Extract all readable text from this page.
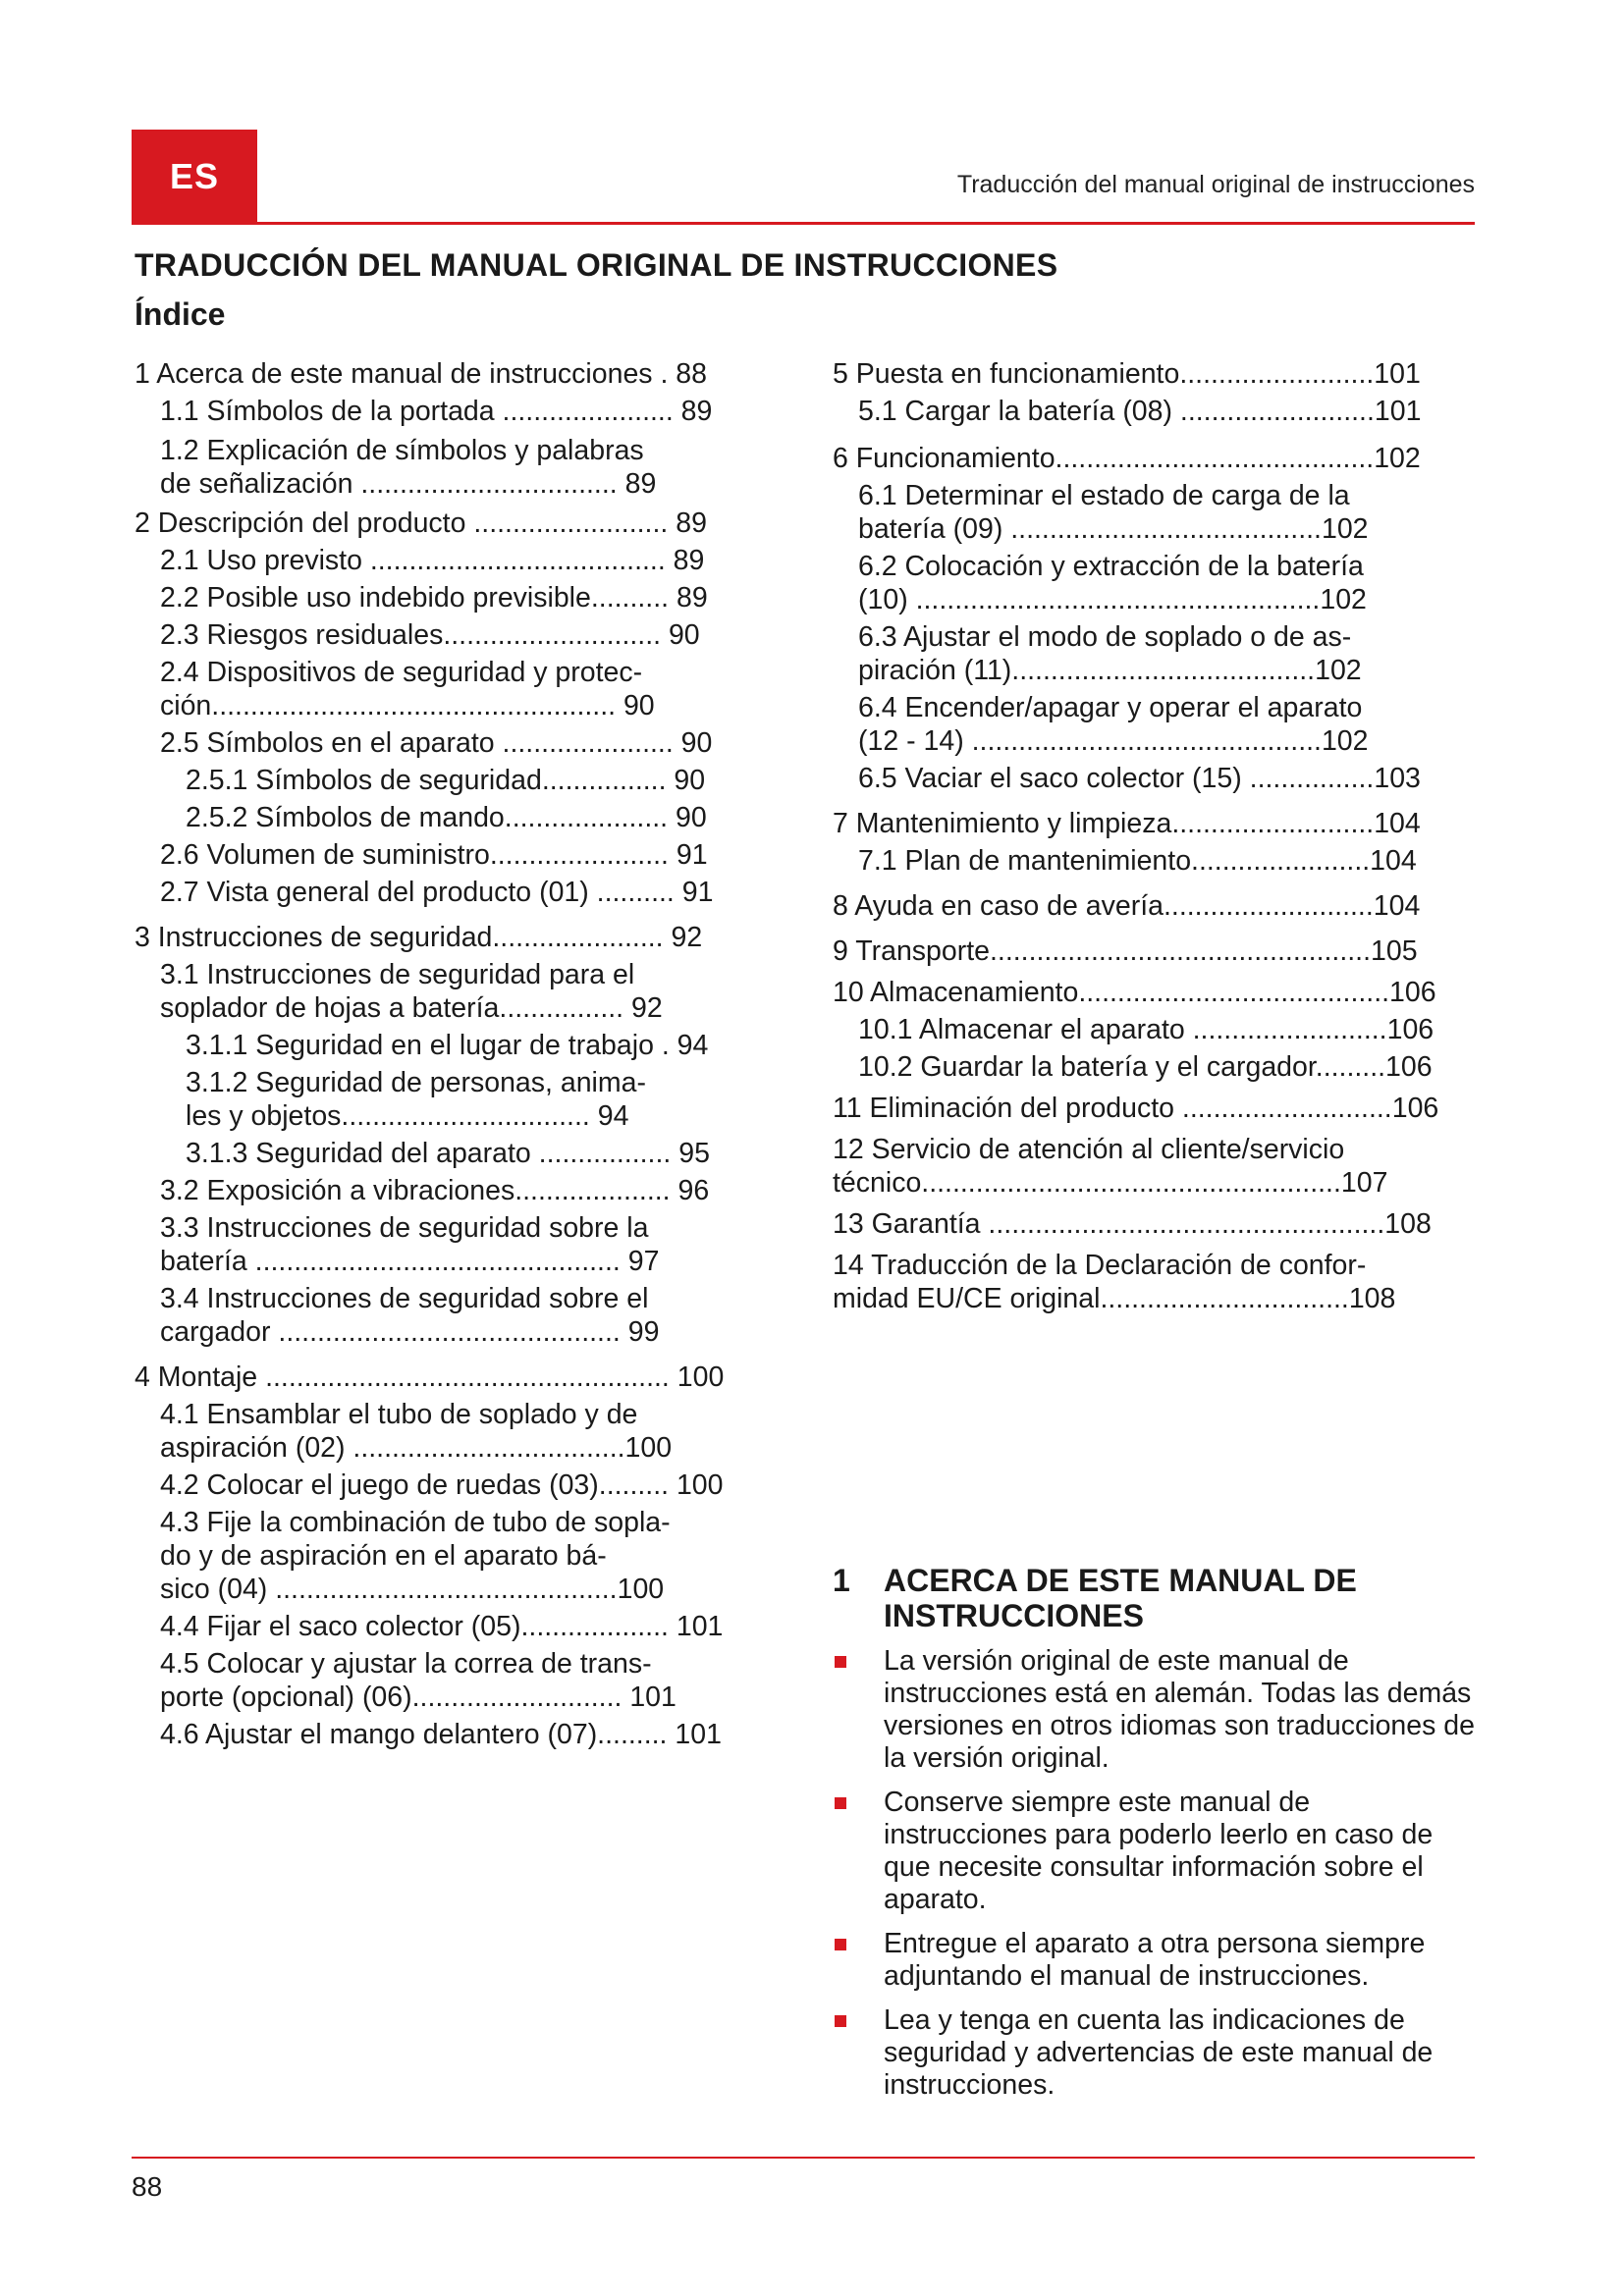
ES	Traducción del manual original de instrucciones
TRADUCCIÓN DEL MANUAL ORIGINAL DE INSTRUCCIONES
Índice
1 Acerca de este manual de instrucciones . 88
1.1 Símbolos de la portada ...................... 89
1.2 Explicación de símbolos y palabras
de señalización ................................. 89
2 Descripción del producto ......................... 89
2.1 Uso previsto ...................................... 89
2.2 Posible uso indebido previsible.......... 89
2.3 Riesgos residuales............................ 90
2.4 Dispositivos de seguridad y protec-
ción.................................................... 90
2.5 Símbolos en el aparato ...................... 90
2.5.1 Símbolos de seguridad................ 90
2.5.2 Símbolos de mando..................... 90
2.6 Volumen de suministro....................... 91
2.7 Vista general del producto (01) .......... 91
3 Instrucciones de seguridad...................... 92
3.1 Instrucciones de seguridad para el
soplador de hojas a batería................ 92
3.1.1 Seguridad en el lugar de trabajo . 94
3.1.2 Seguridad de personas, anima-
les y objetos................................ 94
3.1.3 Seguridad del aparato ................. 95
3.2 Exposición a vibraciones.................... 96
3.3 Instrucciones de seguridad sobre la
batería ............................................... 97
3.4 Instrucciones de seguridad sobre el
cargador ............................................ 99
4 Montaje .................................................... 100
4.1 Ensamblar el tubo de soplado y de
aspiración (02) ...................................100
4.2 Colocar el juego de ruedas (03)......... 100
4.3 Fije la combinación de tubo de sopla-
do y de aspiración en el aparato bá-
sico (04) ............................................100
4.4 Fijar el saco colector (05)................... 101
4.5 Colocar y ajustar la correa de trans-
porte (opcional) (06)........................... 101
4.6 Ajustar el mango delantero (07)......... 101
5 Puesta en funcionamiento.........................101
5.1 Cargar la batería (08) .........................101
6 Funcionamiento.........................................102
6.1 Determinar el estado de carga de la
batería (09) ........................................102
6.2 Colocación y extracción de la batería
(10) ....................................................102
6.3 Ajustar el modo de soplado o de as-
piración (11).......................................102
6.4 Encender/apagar y operar el aparato
(12 - 14) .............................................102
6.5 Vaciar el saco colector (15) ................103
7 Mantenimiento y limpieza..........................104
7.1 Plan de mantenimiento.......................104
8 Ayuda en caso de avería...........................104
9 Transporte.................................................105
10 Almacenamiento........................................106
10.1 Almacenar el aparato .........................106
10.2 Guardar la batería y el cargador.........106
11 Eliminación del producto ...........................106
12 Servicio de atención al cliente/servicio
técnico......................................................107
13 Garantía ...................................................108
14 Traducción de la Declaración de confor-
midad EU/CE original................................108
1	ACERCA DE ESTE MANUAL DE INSTRUCCIONES
La versión original de este manual de instrucciones está en alemán. Todas las demás versiones en otros idiomas son traducciones de la versión original.
Conserve siempre este manual de instrucciones para poderlo leerlo en caso de que necesite consultar información sobre el aparato.
Entregue el aparato a otra persona siempre adjuntando el manual de instrucciones.
Lea y tenga en cuenta las indicaciones de seguridad y advertencias de este manual de instrucciones.
88
